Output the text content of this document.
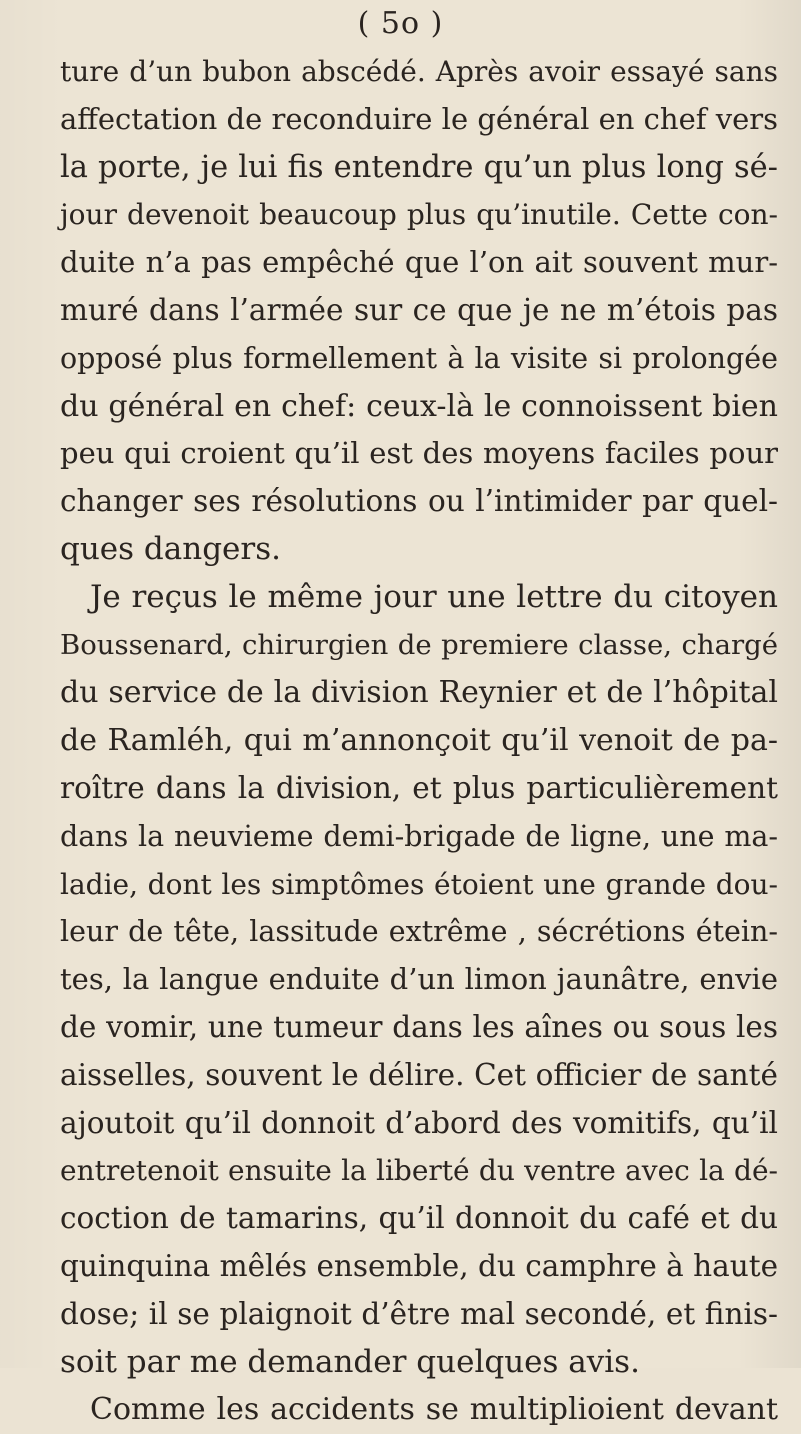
( 5o )
ture d’un bubon abscédé. Après avoir essayé sans
affectation de reconduire le général en chef vers
la porte, je lui fis entendre qu’un plus long sé-
jour devenoit beaucoup plus qu’inutile. Cette con-
duite n’a pas empêché que l’on ait souvent mur-
muré dans l’armée sur ce que je ne m’étois pas
opposé plus formellement à la visite si prolongée
du général en chef: ceux-là le connoissent bien
peu qui croient qu’il est des moyens faciles pour
changer ses résolutions ou l’intimider par quel-
ques dangers.
Je reçus le même jour une lettre du citoyen
Boussenard, chirurgien de premiere classe, chargé
du service de la division Reynier et de l’hôpital
de Ramléh, qui m’annonçoit qu’il venoit de pa-
roître dans la division, et plus particulièrement
dans la neuvieme demi-brigade de ligne, une ma-
ladie, dont les simptômes étoient une grande dou-
leur de tête, lassitude extrême , sécrétions étein-
tes, la langue enduite d’un limon jaunâtre, envie
de vomir, une tumeur dans les aînes ou sous les
aisselles, souvent le délire. Cet officier de santé
ajoutoit qu’il donnoit d’abord des vomitifs, qu’il
entretenoit ensuite la liberté du ventre avec la dé-
coction de tamarins, qu’il donnoit du café et du
quinquina mêlés ensemble, du camphre à haute
dose; il se plaignoit d’être mal secondé, et finis-
soit par me demander quelques avis.
Comme les accidents se multiplioient devant
